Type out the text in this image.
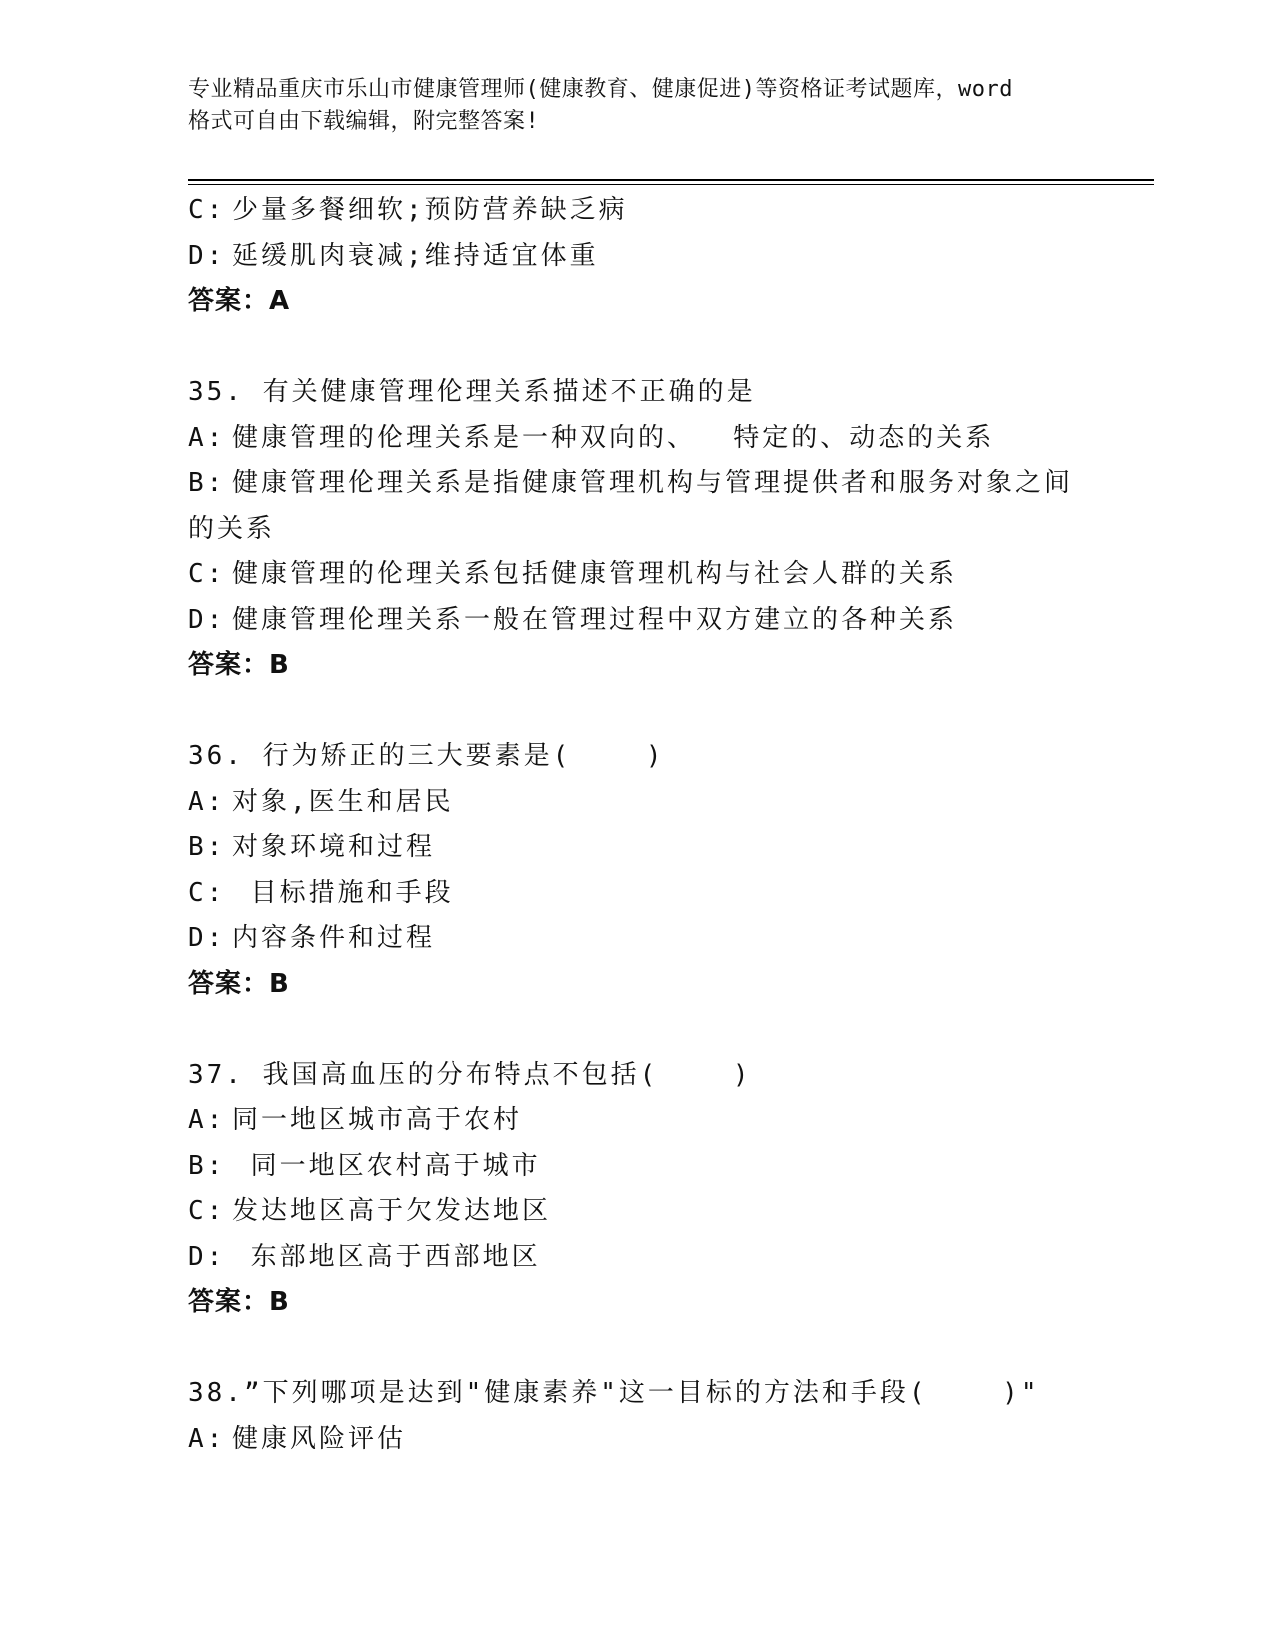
专业精品重庆市乐山市健康管理师(健康教育、健康促进)等资格证考试题库，word
格式可自由下载编辑，附完整答案!
C: 少量多餐细软;预防营养缺乏病
D: 延缓肌肉衰减;维持适宜体重
答案：A
35. 有关健康管理伦理关系描述不正确的是
A: 健康管理的伦理关系是一种双向的、  特定的、动态的关系
B: 健康管理伦理关系是指健康管理机构与管理提供者和服务对象之间
的关系
C: 健康管理的伦理关系包括健康管理机构与社会人群的关系
D: 健康管理伦理关系一般在管理过程中双方建立的各种关系
答案：B
36. 行为矫正的三大要素是(    )
A: 对象,医生和居民
B: 对象环境和过程
C: 目标措施和手段
D: 内容条件和过程
答案：B
37. 我国高血压的分布特点不包括(    )
A: 同一地区城市高于农村
B: 同一地区农村高于城市
C: 发达地区高于欠发达地区
D: 东部地区高于西部地区
答案：B
38.”下列哪项是达到"健康素养"这一目标的方法和手段(    )"
A: 健康风险评估
